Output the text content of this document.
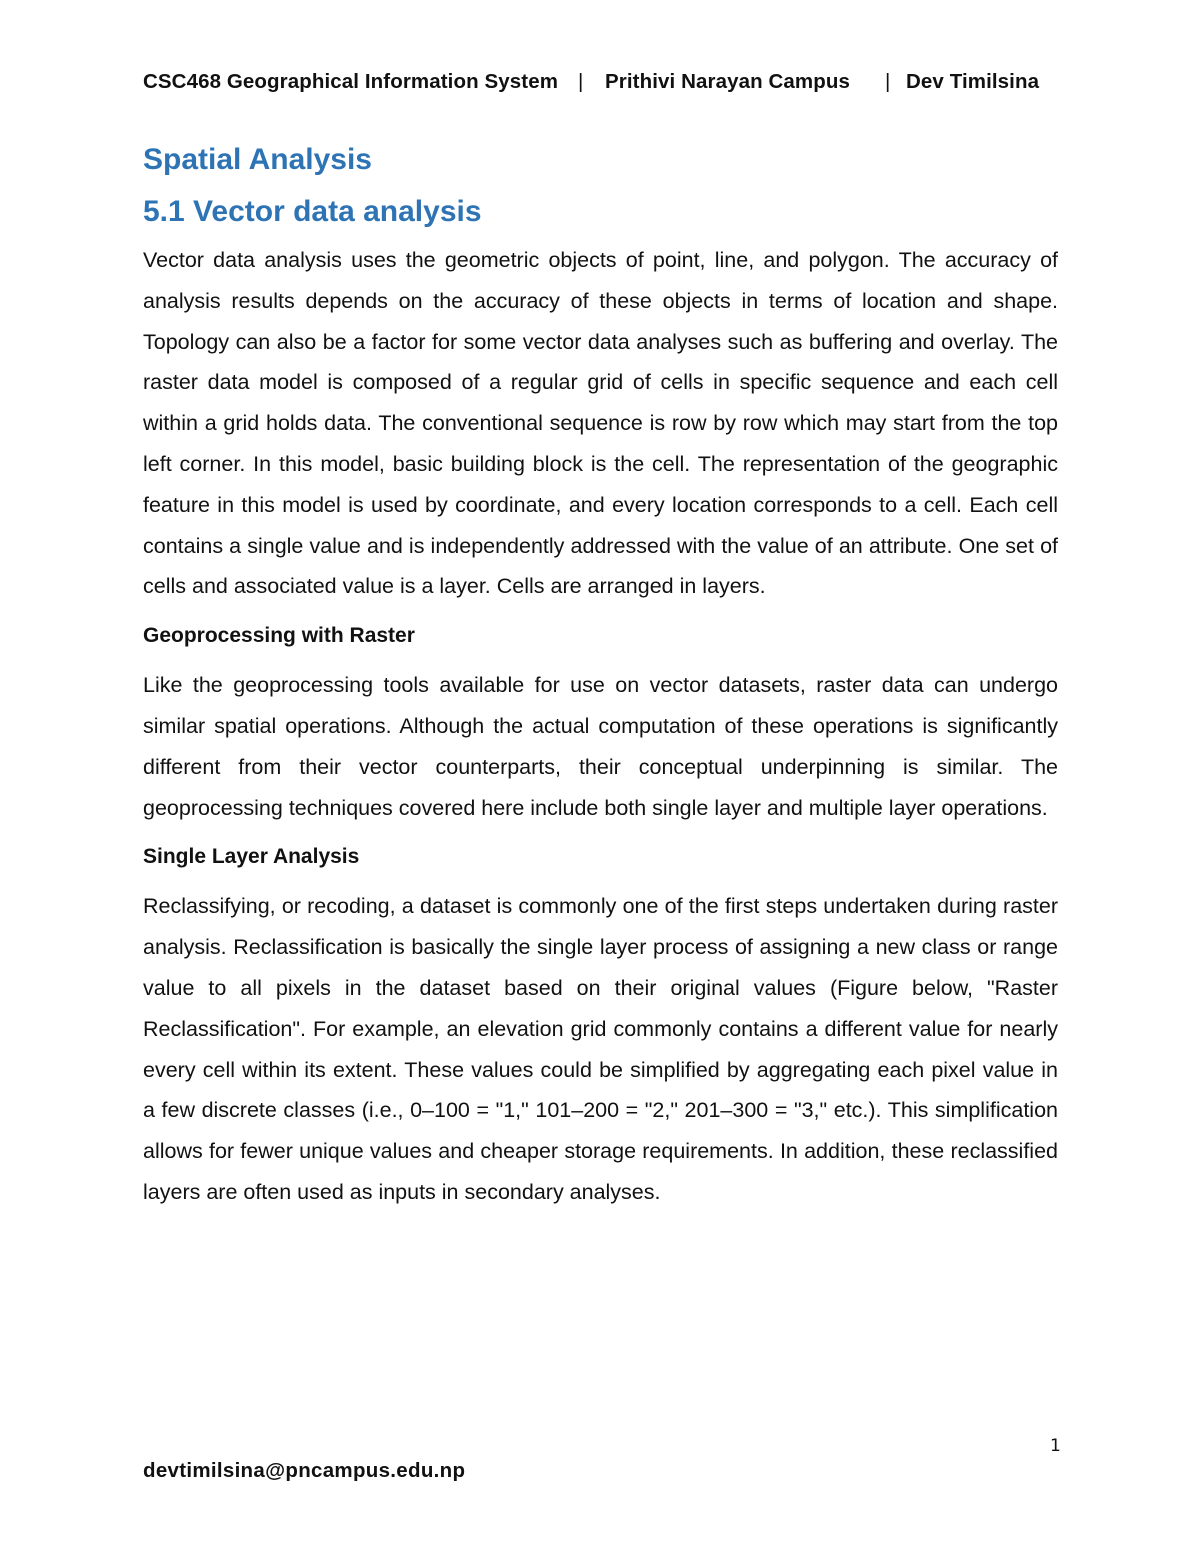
CSC468 Geographical Information System

|

Prithivi Narayan Campus

|

Dev Timilsina

Spatial Analysis
5.1 Vector data analysis

Vector data analysis uses the geometric objects of point, line, and polygon. The accuracy of analysis results depends on the accuracy of these objects in terms of location and shape. Topology can also be a factor for some vector data analyses such as buffering and overlay. The raster data model is composed of a regular grid of cells in specific sequence and each cell within a grid holds data. The conventional sequence is row by row which may start from the top left corner. In this model, basic building block is the cell. The representation of the geographic feature in this model is used by coordinate, and every location corresponds to a cell. Each cell contains a single value and is independently addressed with the value of an attribute. One set of cells and associated value is a layer. Cells are arranged in layers.

Geoprocessing with Raster

Like the geoprocessing tools available for use on vector datasets, raster data can undergo similar spatial operations. Although the actual computation of these operations is significantly different from their vector counterparts, their conceptual underpinning is similar. The geoprocessing techniques covered here include both single layer and multiple layer operations.

Single Layer Analysis

Reclassifying, or recoding, a dataset is commonly one of the first steps undertaken during raster analysis. Reclassification is basically the single layer process of assigning a new class or range value to all pixels in the dataset based on their original values (Figure below, "Raster Reclassification". For example, an elevation grid commonly contains a different value for nearly every cell within its extent. These values could be simplified by aggregating each pixel value in a few discrete classes (i.e., 0–100 = "1," 101–200 = "2," 201–300 = "3," etc.). This simplification allows for fewer unique values and cheaper storage requirements. In addition, these reclassified layers are often used as inputs in secondary analyses.

1
devtimilsina@pncampus.edu.np
